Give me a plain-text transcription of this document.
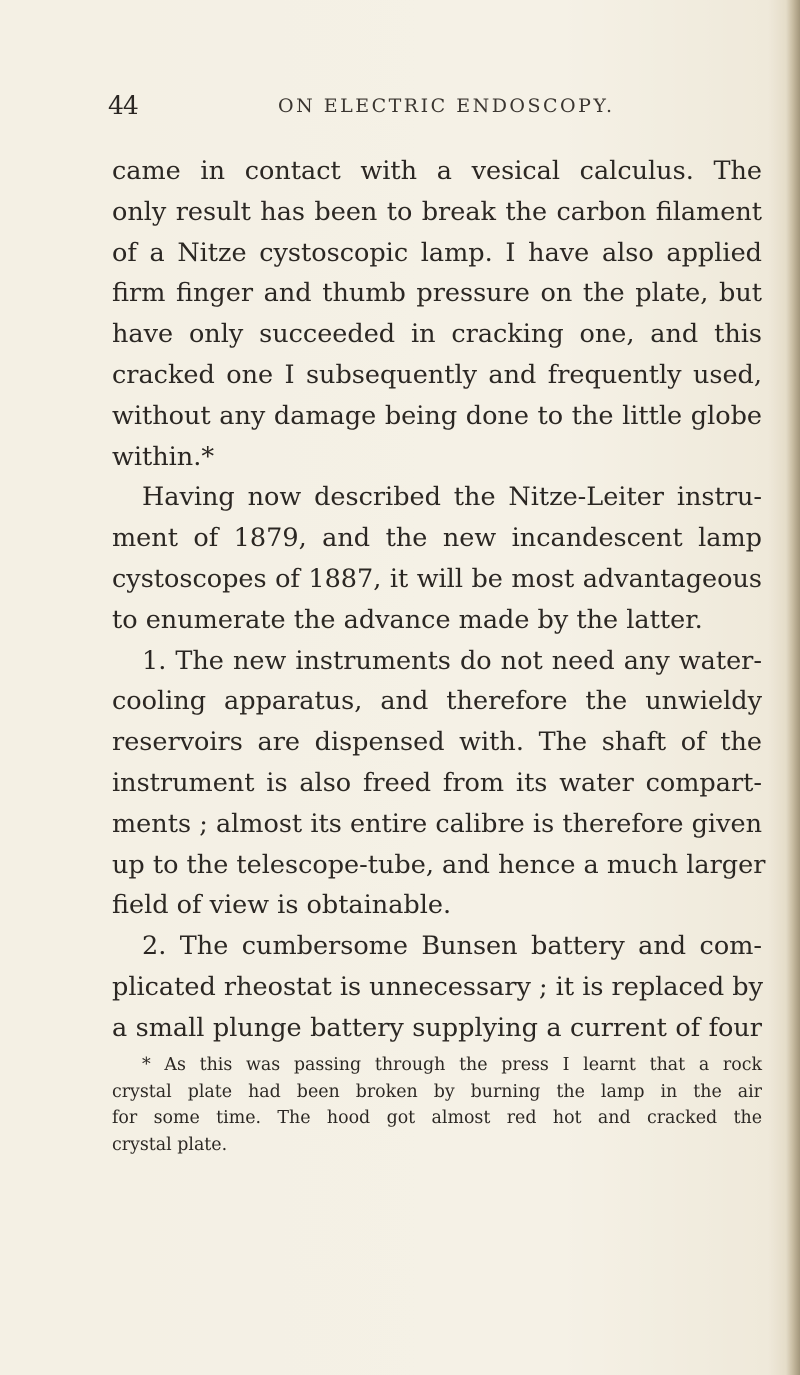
44	ON ELECTRIC ENDOSCOPY.
came in contact with a vesical calculus. The
only result has been to break the carbon filament
of a Nitze cystoscopic lamp. I have also applied
firm finger and thumb pressure on the plate, but
have only succeeded in cracking one, and this
cracked one I subsequently and frequently used,
without any damage being done to the little globe
within.*
Having now described the Nitze-Leiter instru-
ment of 1879, and the new incandescent lamp
cystoscopes of 1887, it will be most advantageous
to enumerate the advance made by the latter.
1. The new instruments do not need any water-
cooling apparatus, and therefore the unwieldy
reservoirs are dispensed with. The shaft of the
instrument is also freed from its water compart-
ments ; almost its entire calibre is therefore given
up to the telescope-tube, and hence a much larger
field of view is obtainable.
2. The cumbersome Bunsen battery and com-
plicated rheostat is unnecessary ; it is replaced by
a small plunge battery supplying a current of four
* As this was passing through the press I learnt that a rock
crystal plate had been broken by burning the lamp in the air
for some time. The hood got almost red hot and cracked the
crystal plate.
